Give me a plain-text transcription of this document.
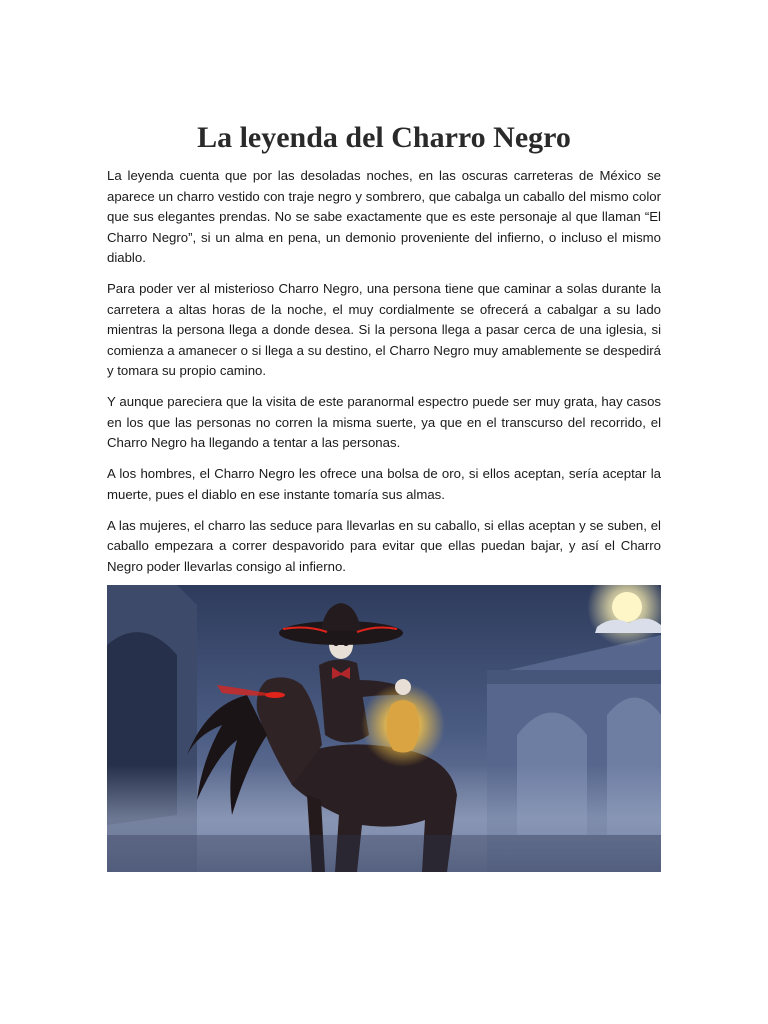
La leyenda del Charro Negro

La leyenda cuenta que por las desoladas noches, en las oscuras carreteras de México se aparece un charro vestido con traje negro y sombrero, que cabalga un caballo del mismo color que sus elegantes prendas. No se sabe exactamente que es este personaje al que llaman “El Charro Negro”, si un alma en pena, un demonio proveniente del infierno, o incluso el mismo diablo.

Para poder ver al misterioso Charro Negro, una persona tiene que caminar a solas durante la carretera a altas horas de la noche, el muy cordialmente se ofrecerá a cabalgar a su lado mientras la persona llega a donde desea. Si la persona llega a pasar cerca de una iglesia, si comienza a amanecer o si llega a su destino, el Charro Negro muy amablemente se despedirá y tomara su propio camino.

Y aunque pareciera que la visita de este paranormal espectro puede ser muy grata, hay casos en los que las personas no corren la misma suerte, ya que en el transcurso del recorrido, el Charro Negro ha llegando a tentar a las personas.

A los hombres, el Charro Negro les ofrece una bolsa de oro, si ellos aceptan, sería aceptar la muerte, pues el diablo en ese instante tomaría sus almas.

A las mujeres, el charro las seduce para llevarlas en su caballo, si ellas aceptan y se suben, el caballo empezara a correr despavorido para evitar que ellas puedan bajar, y así el Charro Negro poder llevarlas consigo al infierno.
